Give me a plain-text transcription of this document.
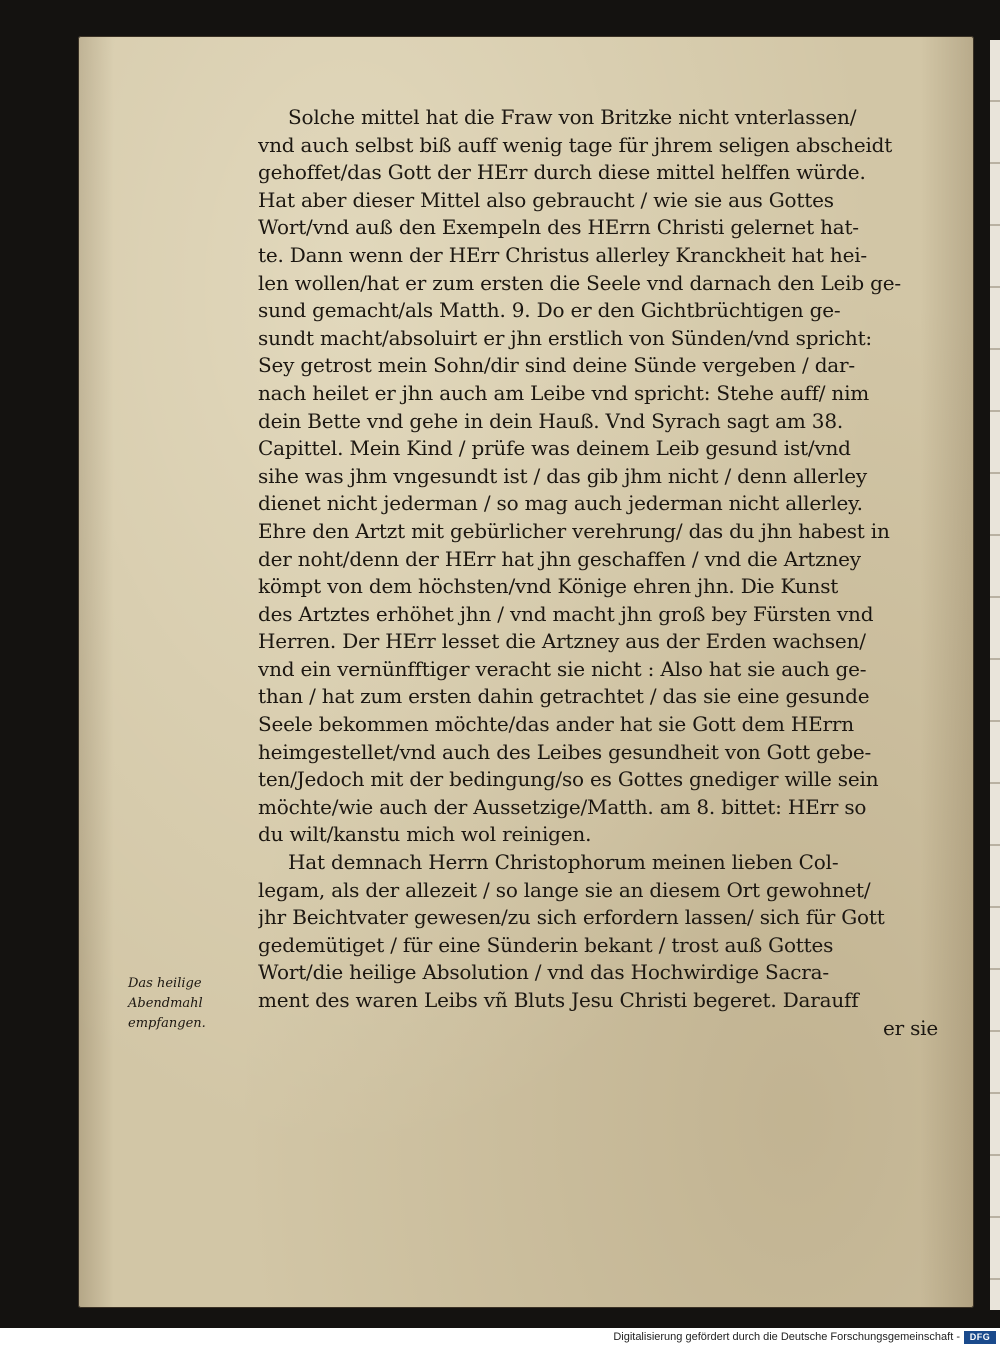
Solche mittel hat die Fraw von Britzke nicht vnterlassen/
vnd auch selbst biß auff wenig tage für jhrem seligen abscheidt
gehoffet/das Gott der HErr durch diese mittel helffen würde.
Hat aber dieser Mittel also gebraucht / wie sie aus Gottes
Wort/vnd auß den Exempeln des HErrn Christi gelernet hat-
te. Dann wenn der HErr Christus allerley Kranckheit hat hei-
len wollen/hat er zum ersten die Seele vnd darnach den Leib ge-
sund gemacht/als Matth. 9. Do er den Gichtbrüchtigen ge-
sundt macht/absoluirt er jhn erstlich von Sünden/vnd spricht:
Sey getrost mein Sohn/dir sind deine Sünde vergeben / dar-
nach heilet er jhn auch am Leibe vnd spricht: Stehe auff/ nim
dein Bette vnd gehe in dein Hauß. Vnd Syrach sagt am 38.
Capittel. Mein Kind / prüfe was deinem Leib gesund ist/vnd
sihe was jhm vngesundt ist / das gib jhm nicht / denn allerley
dienet nicht jederman / so mag auch jederman nicht allerley.
Ehre den Artzt mit gebürlicher verehrung/ das du jhn habest in
der noht/denn der HErr hat jhn geschaffen / vnd die Artzney
kömpt von dem höchsten/vnd Könige ehren jhn. Die Kunst
des Artztes erhöhet jhn / vnd macht jhn groß bey Fürsten vnd
Herren. Der HErr lesset die Artzney aus der Erden wachsen/
vnd ein vernünfftiger veracht sie nicht : Also hat sie auch ge-
than / hat zum ersten dahin getrachtet / das sie eine gesunde
Seele bekommen möchte/das ander hat sie Gott dem HErrn
heimgestellet/vnd auch des Leibes gesundheit von Gott gebe-
ten/Jedoch mit der bedingung/so es Gottes gnediger wille sein
möchte/wie auch der Aussetzige/Matth. am 8. bittet: HErr so
du wilt/kanstu mich wol reinigen.
Hat demnach Herrn Christophorum meinen lieben Col-
legam, als der allezeit / so lange sie an diesem Ort gewohnet/
jhr Beichtvater gewesen/zu sich erfordern lassen/ sich für Gott
gedemütiget / für eine Sünderin bekant / trost auß Gottes
Wort/die heilige Absolution / vnd das Hochwirdige Sacra-
ment des waren Leibs vñ Bluts Jesu Christi begeret. Darauff
er sie
Das heilige
Abendmahl
empfangen.
Digitalisierung gefördert durch die Deutsche Forschungsgemeinschaft -	DFG
